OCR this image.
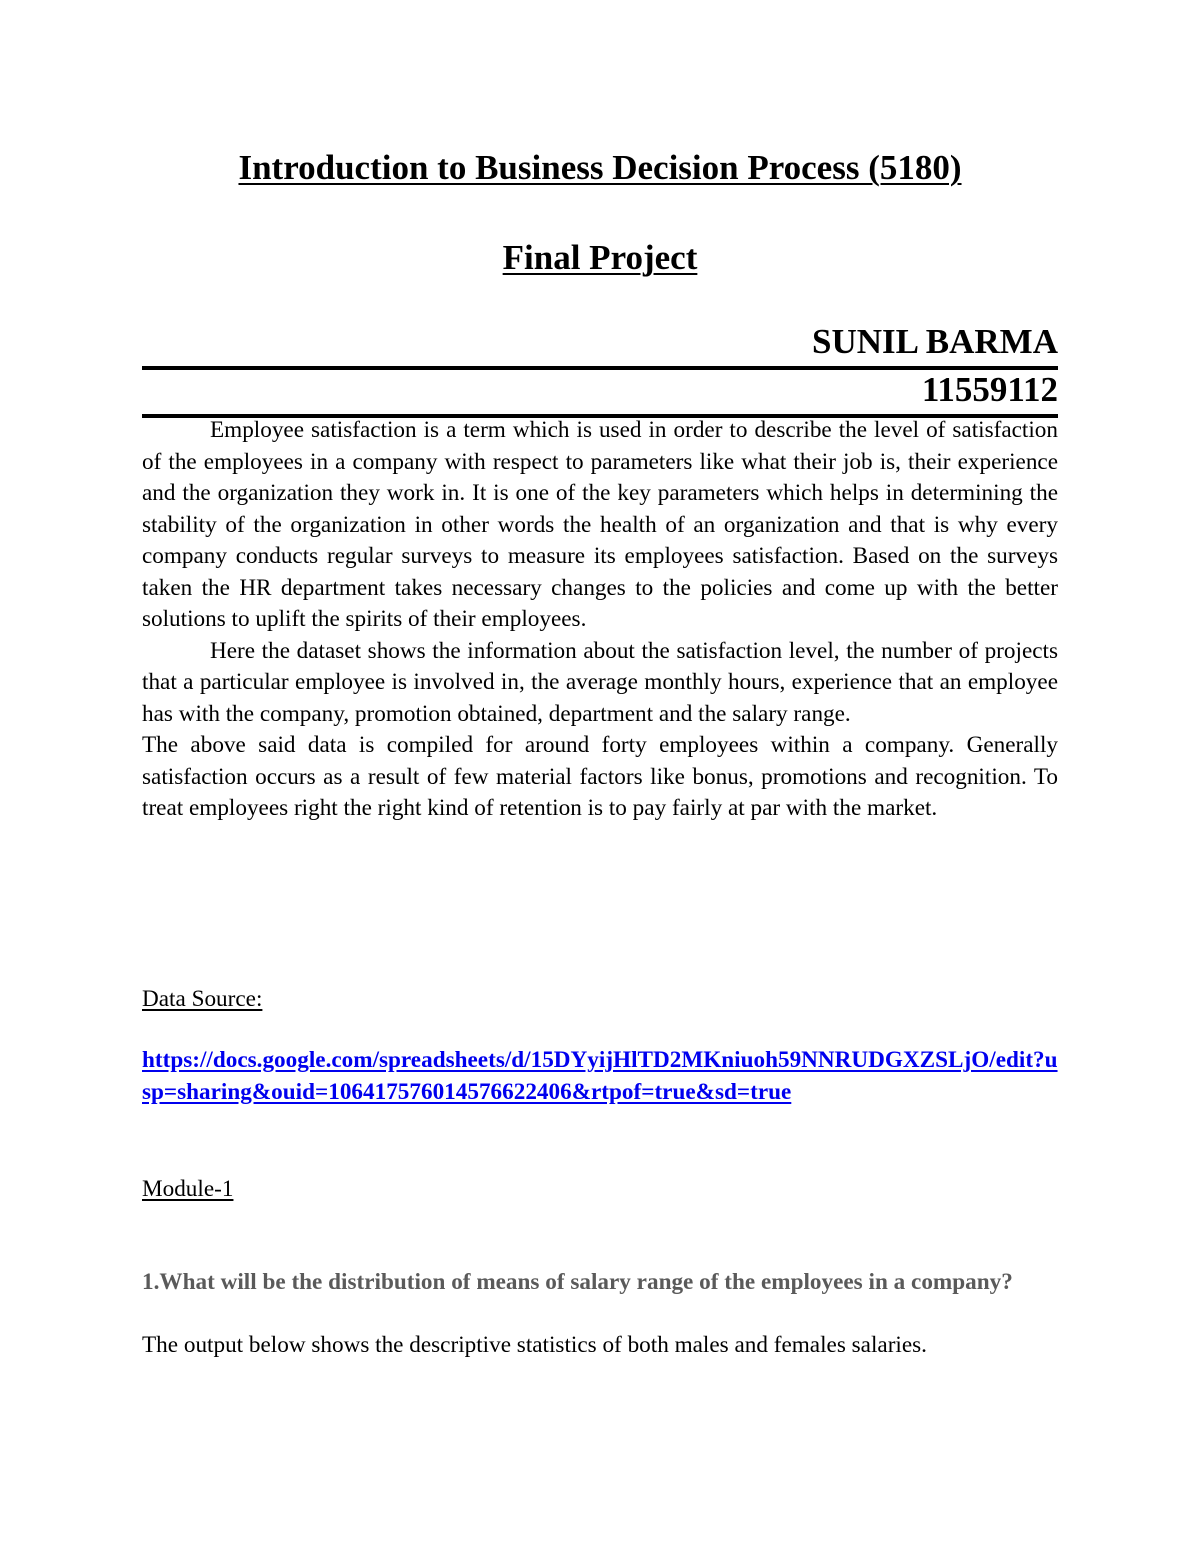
Introduction to Business Decision Process (5180)
Final Project
SUNIL BARMA
11559112

Employee satisfaction is a term which is used in order to describe the level of satisfaction of the employees in a company with respect to parameters like what their job is, their experience and the organization they work in. It is one of the key parameters which helps in determining the stability of the organization in other words the health of an organization and that is why every company conducts regular surveys to measure its employees satisfaction. Based on the surveys taken the HR department takes necessary changes to the policies and come up with the better solutions to uplift the spirits of their employees.

Here the dataset shows the information about the satisfaction level, the number of projects that a particular employee is involved in, the average monthly hours, experience that an employee has with the company, promotion obtained, department and the salary range.

The above said data is compiled for around forty employees within a company. Generally satisfaction occurs as a result of few material factors like bonus, promotions and recognition. To treat employees right the right kind of retention is to pay fairly at par with the market.

Data Source:

https://docs.google.com/spreadsheets/d/15DYyijHlTD2MKniuoh59NNRUDGXZSLjO/edit?usp=sharing&ouid=106417576014576622406&rtpof=true&sd=true

Module-1

1.What will be the distribution of means of salary range of the employees in a company?

The output below shows the descriptive statistics of both males and females salaries.
